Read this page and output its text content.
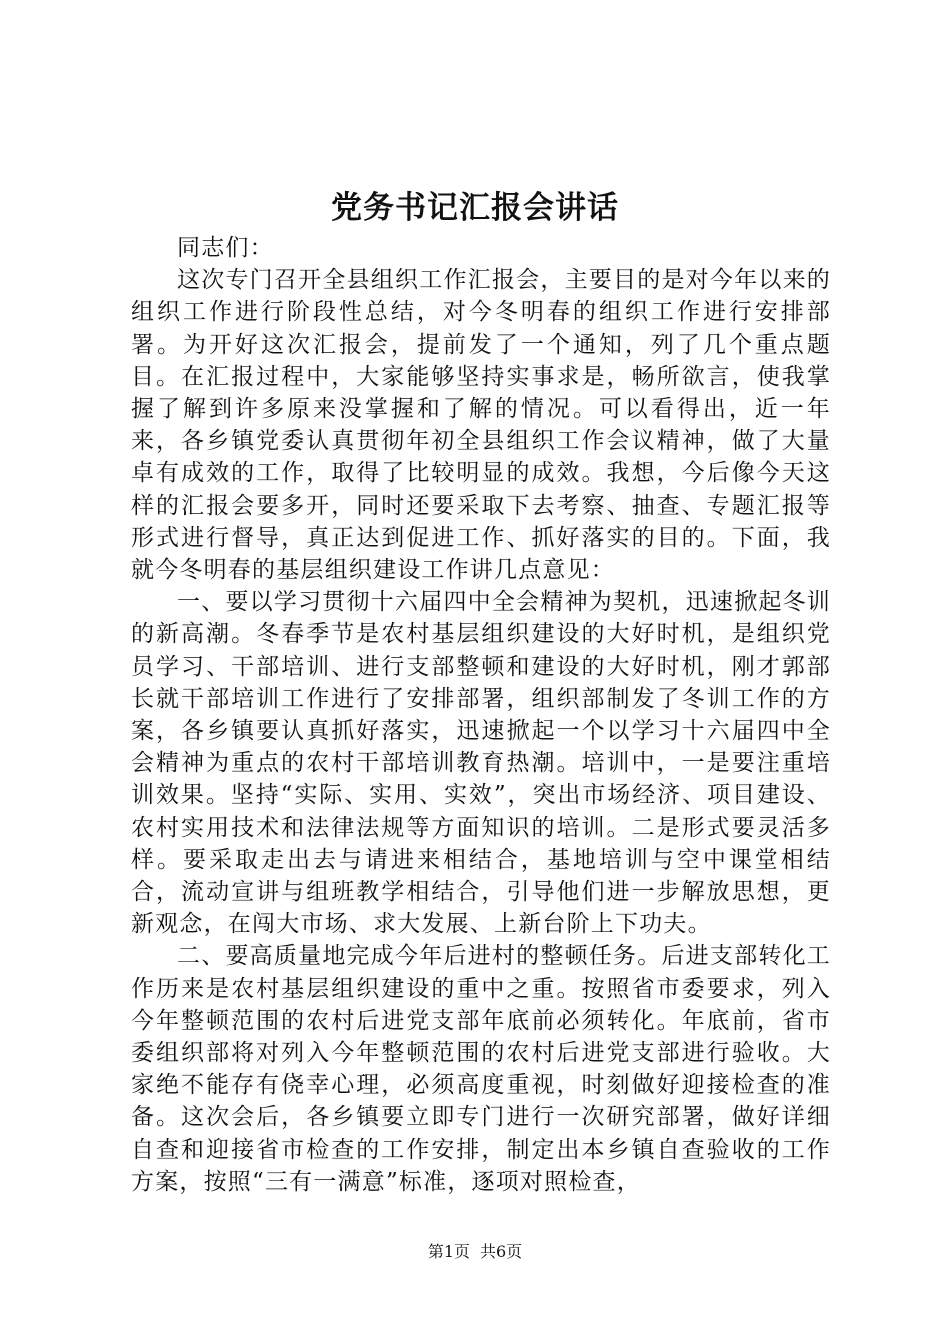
党务书记汇报会讲话

同志们：

这次专门召开全县组织工作汇报会，主要目的是对今年以来的组织工作进行阶段性总结，对今冬明春的组织工作进行安排部署。为开好这次汇报会，提前发了一个通知，列了几个重点题目。在汇报过程中，大家能够坚持实事求是，畅所欲言，使我掌握了解到许多原来没掌握和了解的情况。可以看得出，近一年来，各乡镇党委认真贯彻年初全县组织工作会议精神，做了大量卓有成效的工作，取得了比较明显的成效。我想，今后像今天这样的汇报会要多开，同时还要采取下去考察、抽查、专题汇报等形式进行督导，真正达到促进工作、抓好落实的目的。下面，我就今冬明春的基层组织建设工作讲几点意见：

一、要以学习贯彻十六届四中全会精神为契机，迅速掀起冬训的新高潮。冬春季节是农村基层组织建设的大好时机，是组织党员学习、干部培训、进行支部整顿和建设的大好时机，刚才郭部长就干部培训工作进行了安排部署，组织部制发了冬训工作的方案，各乡镇要认真抓好落实，迅速掀起一个以学习十六届四中全会精神为重点的农村干部培训教育热潮。培训中，一是要注重培训效果。坚持“实际、实用、实效”，突出市场经济、项目建设、农村实用技术和法律法规等方面知识的培训。二是形式要灵活多样。要采取走出去与请进来相结合，基地培训与空中课堂相结合，流动宣讲与组班教学相结合，引导他们进一步解放思想，更新观念，在闯大市场、求大发展、上新台阶上下功夫。

二、要高质量地完成今年后进村的整顿任务。后进支部转化工作历来是农村基层组织建设的重中之重。按照省市委要求，列入今年整顿范围的农村后进党支部年底前必须转化。年底前，省市委组织部将对列入今年整顿范围的农村后进党支部进行验收。大家绝不能存有侥幸心理，必须高度重视，时刻做好迎接检查的准备。这次会后，各乡镇要立即专门进行一次研究部署，做好详细自查和迎接省市检查的工作安排，制定出本乡镇自查验收的工作方案，按照“三有一满意”标准，逐项对照检查，

第1页 共6页
